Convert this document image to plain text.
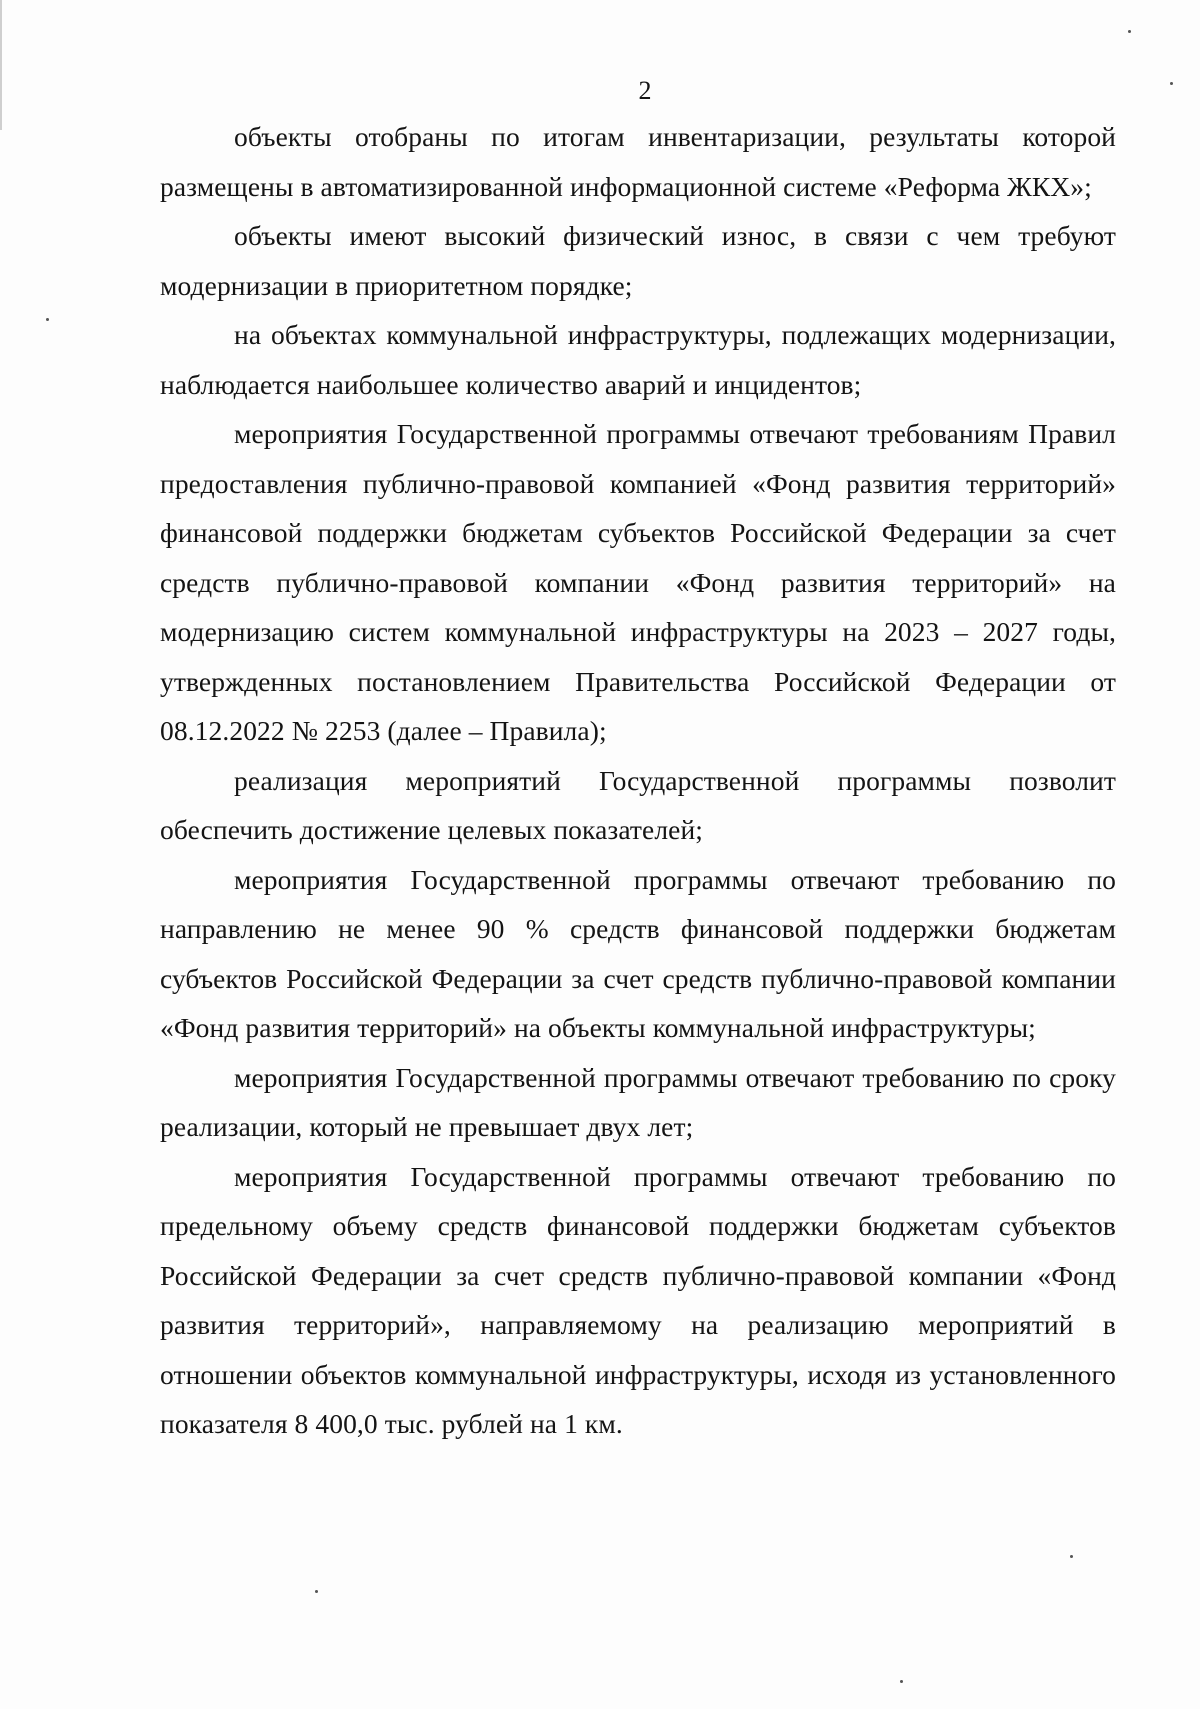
2

объекты отобраны по итогам инвентаризации, результаты которой размещены в автоматизированной информационной системе «Реформа ЖКХ»;

объекты имеют высокий физический износ, в связи с чем требуют модернизации в приоритетном порядке;

на объектах коммунальной инфраструктуры, подлежащих модернизации, наблюдается наибольшее количество аварий и инцидентов;

мероприятия Государственной программы отвечают требованиям Правил предоставления публично-правовой компанией «Фонд развития территорий» финансовой поддержки бюджетам субъектов Российской Федерации за счет средств публично-правовой компании «Фонд развития территорий» на модернизацию систем коммунальной инфраструктуры на 2023 – 2027 годы, утвержденных постановлением Правительства Российской Федерации от 08.12.2022 № 2253 (далее – Правила);

реализация мероприятий Государственной программы позволит обеспечить достижение целевых показателей;

мероприятия Государственной программы отвечают требованию по направлению не менее 90 % средств финансовой поддержки бюджетам субъектов Российской Федерации за счет средств публично-правовой компании «Фонд развития территорий» на объекты коммунальной инфраструктуры;

мероприятия Государственной программы отвечают требованию по сроку реализации, который не превышает двух лет;

мероприятия Государственной программы отвечают требованию по предельному объему средств финансовой поддержки бюджетам субъектов Российской Федерации за счет средств публично-правовой компании «Фонд развития территорий», направляемому на реализацию мероприятий в отношении объектов коммунальной инфраструктуры, исходя из установленного показателя 8 400,0 тыс. рублей на 1 км.
